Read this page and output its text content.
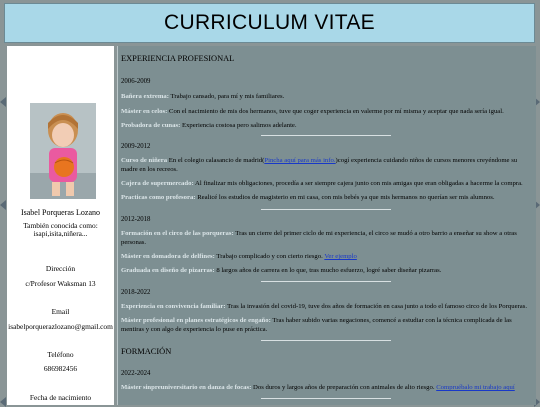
CURRICULUM VITAE
Isabel Porqueras Lozano
También conocida como:
isapi,isita,niñera...
Dirección
c/Profesor Waksman 13
Email
isabelporquerazlozano@gmail.com
Teléfono
686982456
Fecha de nacimiento
EXPERIENCIA PROFESIONAL
2006-2009
Bañera extrema: Trabajo cansado, para mí y mis familiares.
Máster en celos: Con el nacimiento de mis dos hermanos, tuve que coger experiencia en valerme por mí misma y aceptar que nada sería igual.
Probadora de cunas: Experiencia costosa pero salimos adelante.
2009-2012
Curso de niñera En el colegio calasancio de madrid(Pincha aquí para más info.)cogí experiencia cuidando niños de cursos menores creyéndome su madre en los recreos.
Cajera de supermercado: Al finalizar mis obligaciones, procedía a ser siempre cajera junto con mis amigas que eran obligadas a hacerme la compra.
Practicas como profesora: Realicé los estudios de magisterio en mi casa, con mis bebés ya que mis hermanos no querían ser mis alumnos.
2012-2018
Formación en el circo de las porqueras: Tras un cierre del primer ciclo de mi experiencia, el circo se mudó a otro barrio a enseñar su show a otras personas.
Máster en domadora de delfines: Trabajo complicado y con cierto riesgo. Ver ejemplo
Graduada en diseño de pizarras: 8 largos años de carrera en lo que, tras mucho esfuerzo, logré saber diseñar pizarras.
2018-2022
Experiencia en convivencia familiar: Tras la invasión del covid-19, tuve dos años de formación en casa junto a todo el famoso circo de los Porqueras.
Máster profesional en planes estratégicos de engaño: Tras haber subido varias negaciones, comencé a estudiar con la técnica complicada de las mentiras y con algo de experiencia lo puse en práctica.
FORMACIÓN
2022-2024
Máster sinpreuniversitario en danza de focas: Dos duros y largos años de preparación con animales de alto riesgo. Compruébalo mi trabajo aquí
